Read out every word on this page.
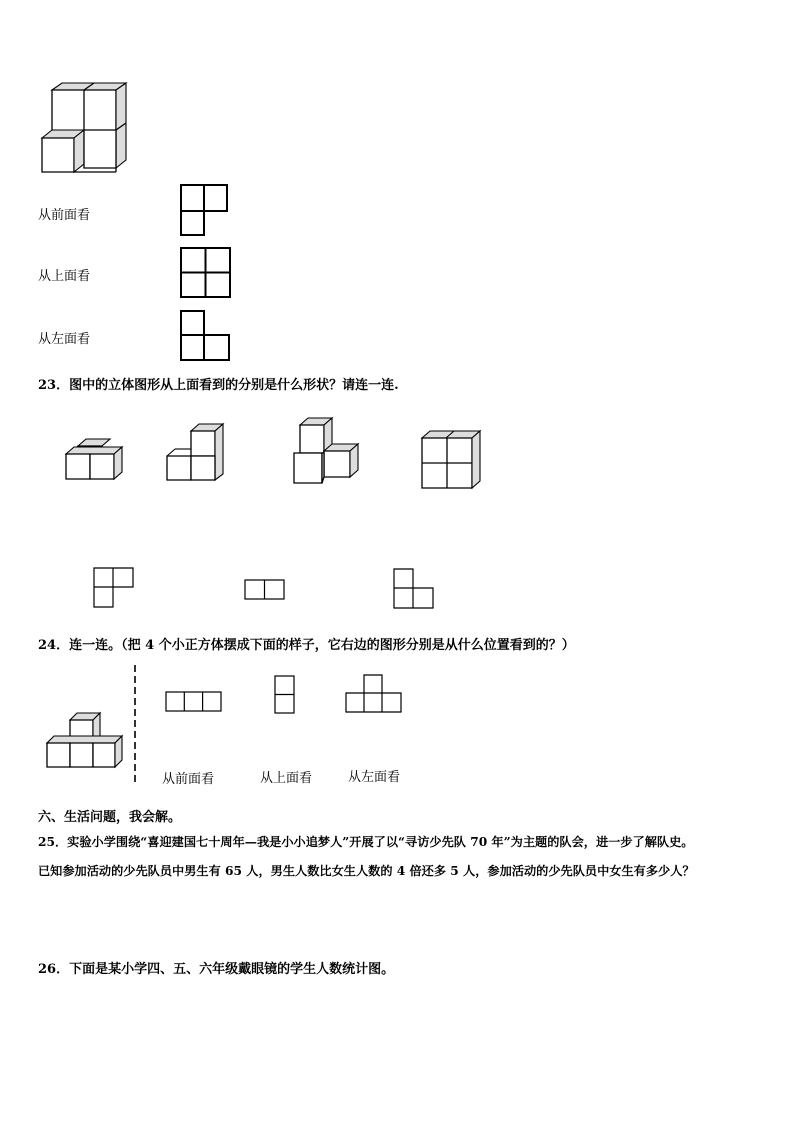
从前面看
从上面看
从左面看
23．图中的立体图形从上面看到的分别是什么形状？请连一连.
24．连一连。（把 4 个小正方体摆成下面的样子，它右边的图形分别是从什么位置看到的？）
从前面看	从上面看	从左面看
六、生活问题，我会解。
25．实验小学围绕“喜迎建国七十周年—我是小小追梦人”开展了以“寻访少先队 70 年”为主题的队会，进一步了解队史。
已知参加活动的少先队员中男生有 65 人，男生人数比女生人数的 4 倍还多 5 人，参加活动的少先队员中女生有多少人？
26．下面是某小学四、五、六年级戴眼镜的学生人数统计图。
